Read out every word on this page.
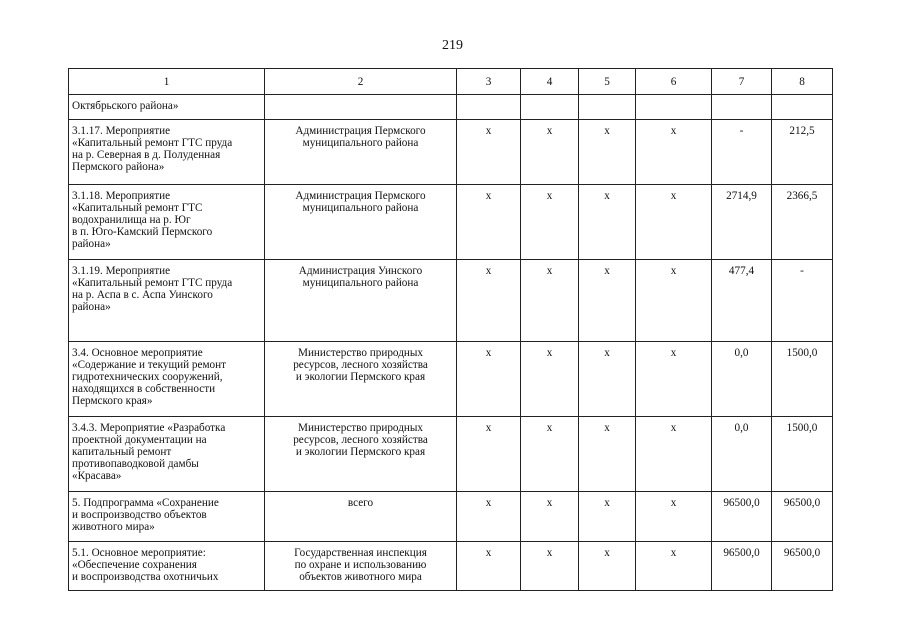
219
1	2	3	4	5	6	7	8

Октябрьского района»							

3.1.17. Мероприятие
«Капитальный ремонт ГТС пруда
на р. Северная в д. Полуденная
Пермского района»	Администрация Пермского
муниципального района	x	x	x	x	-	212,5

3.1.18. Мероприятие
«Капитальный ремонт ГТС
водохранилища на р. Юг
в п. Юго-Камский Пермского
района»	Администрация Пермского
муниципального района	x	x	x	x	2714,9	2366,5

3.1.19. Мероприятие
«Капитальный ремонт ГТС пруда
на р. Аспа в с. Аспа Уинского
района»	Администрация Уинского
муниципального района	x	x	x	x	477,4	-

3.4. Основное мероприятие
«Содержание и текущий ремонт
гидротехнических сооружений,
находящихся в собственности
Пермского края»	Министерство природных
ресурсов, лесного хозяйства
и экологии Пермского края	x	x	x	x	0,0	1500,0

3.4.3. Мероприятие «Разработка
проектной документации на
капитальный ремонт
противопаводковой дамбы
«Красава»	Министерство природных
ресурсов, лесного хозяйства
и экологии Пермского края	x	x	x	x	0,0	1500,0

5. Подпрограмма «Сохранение
и воспроизводство объектов
животного мира»	всего	x	x	x	x	96500,0	96500,0

5.1. Основное мероприятие:
«Обеспечение сохранения
и воспроизводства охотничьих	Государственная инспекция
по охране и использованию
объектов животного мира	x	x	x	x	96500,0	96500,0
